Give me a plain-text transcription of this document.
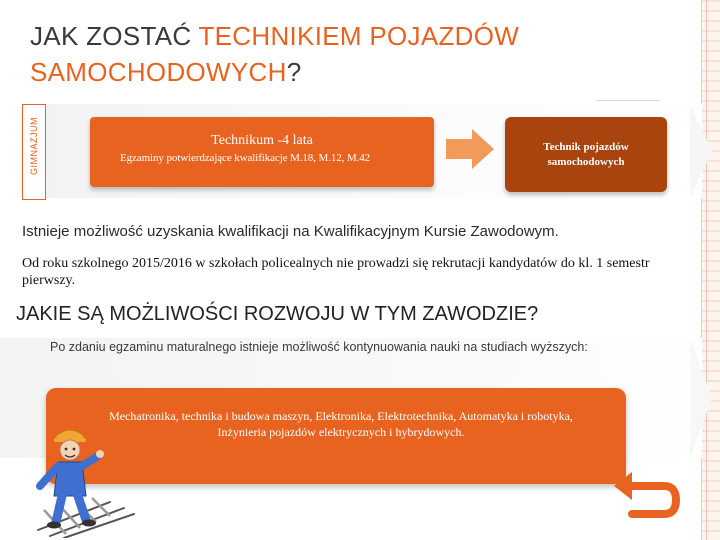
JAK ZOSTAĆ TECHNIKIEM POJAZDÓW
SAMOCHODOWYCH?
GIMNAZJUM	Technikum -4 lata
Egzaminy potwierdzające kwalifikacje M.18, M.12, M.42
Technik pojazdów samochodowych
Istnieje możliwość uzyskania kwalifikacji na Kwalifikacyjnym Kursie Zawodowym.
Od roku szkolnego 2015/2016 w szkołach policealnych nie prowadzi się rekrutacji kandydatów do kl. 1 semestr pierwszy.
JAKIE SĄ MOŻLIWOŚCI ROZWOJU W TYM ZAWODZIE?
Po zdaniu egzaminu maturalnego istnieje możliwość kontynuowania nauki na studiach wyższych:
Mechatronika, technika i budowa maszyn, Elektronika, Elektrotechnika, Automatyka i robotyka, Inżynieria pojazdów elektrycznych i hybrydowych.
